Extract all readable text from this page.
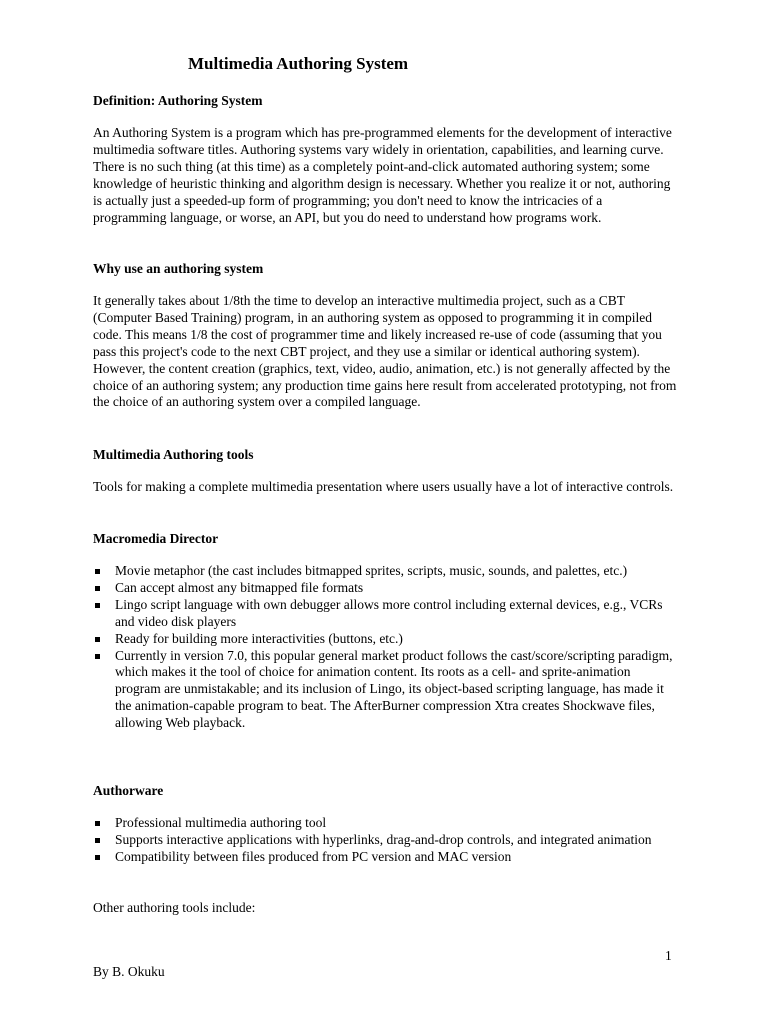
Multimedia Authoring System
Definition: Authoring System

An Authoring System is a program which has pre-programmed elements for the development of interactive multimedia software titles. Authoring systems vary widely in orientation, capabilities, and learning curve. There is no such thing (at this time) as a completely point-and-click automated authoring system; some knowledge of heuristic thinking and algorithm design is necessary. Whether you realize it or not, authoring is actually just a speeded-up form of programming; you don't need to know the intricacies of a programming language, or worse, an API, but you do need to understand how programs work.

Why use an authoring system

It generally takes about 1/8th the time to develop an interactive multimedia project, such as a CBT (Computer Based Training) program, in an authoring system as opposed to programming it in compiled code. This means 1/8 the cost of programmer time and likely increased re-use of code (assuming that you pass this project's code to the next CBT project, and they use a similar or identical authoring system). However, the content creation (graphics, text, video, audio, animation, etc.) is not generally affected by the choice of an authoring system; any production time gains here result from accelerated prototyping, not from the choice of an authoring system over a compiled language.

Multimedia Authoring tools

Tools for making a complete multimedia presentation where users usually have a lot of interactive controls.

Macromedia Director
Movie metaphor (the cast includes bitmapped sprites, scripts, music, sounds, and palettes, etc.)
Can accept almost any bitmapped file formats
Lingo script language with own debugger allows more control including external devices, e.g., VCRs and video disk players
Ready for building more interactivities (buttons, etc.)
Currently in version 7.0, this popular general market product follows the cast/score/scripting paradigm, which makes it the tool of choice for animation content. Its roots as a cell- and sprite-animation program are unmistakable; and its inclusion of Lingo, its object-based scripting language, has made it the animation-capable program to beat. The AfterBurner compression Xtra creates Shockwave files, allowing Web playback.
Authorware
Professional multimedia authoring tool
Supports interactive applications with hyperlinks, drag-and-drop controls, and integrated animation
Compatibility between files produced from PC version and MAC version

Other authoring tools include:

1
By B. Okuku
